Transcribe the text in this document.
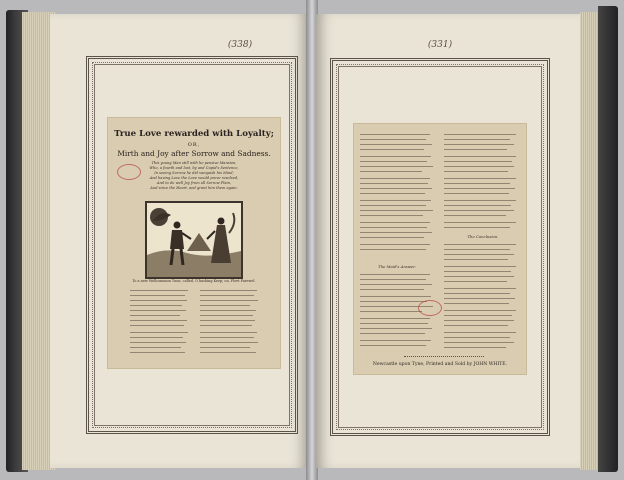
(338)
True Love rewarded with Loyalty;
OR,
Mirth and Joy after Sorrow and Sadness.
This young Man still with he pensive Mansion,
Who, a fourth and lost, by and Cupid's Sentence,
In seeing Sorrow he did vanquish his Mind;
And having Love the Love would prove resolved,
And to do well Joy from all Sorrow Plain,
And since the Heart, and grant him them again.
To a new Wellcommon Tune, called, O bashing Keep; on, Fleet Farewel.
(331)
The Maid's Answer.
The Conclusion.
Newcastle upon Tyne, Printed and Sold by JOHN WHITE.
